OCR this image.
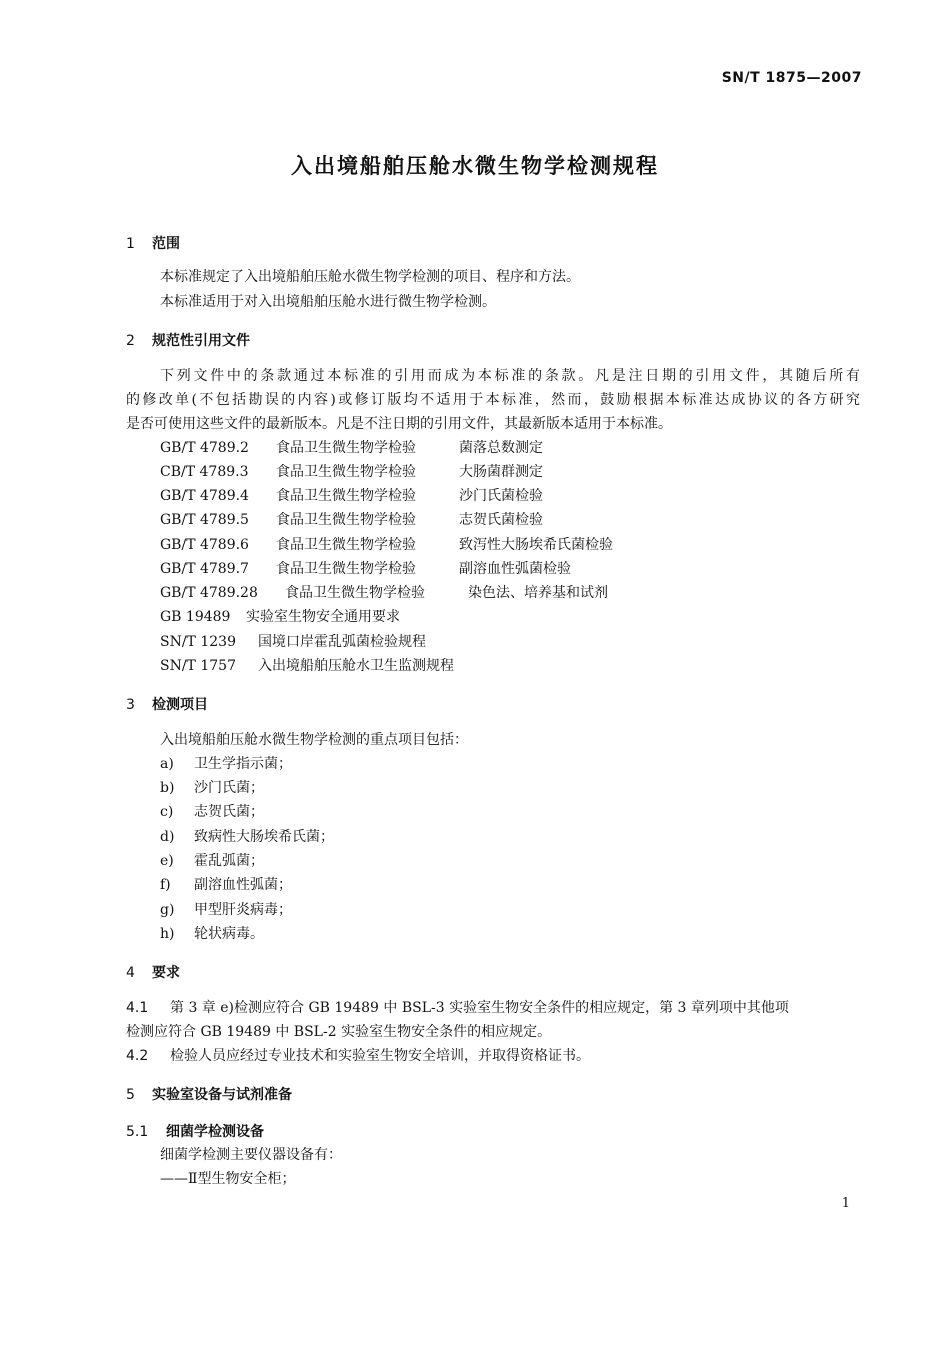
SN/T 1875—2007
入出境船舶压舱水微生物学检测规程
1 范围
本标准规定了入出境船舶压舱水微生物学检测的项目、程序和方法。
本标准适用于对入出境船舶压舱水进行微生物学检测。
2 规范性引用文件
下列文件中的条款通过本标准的引用而成为本标准的条款。凡是注日期的引用文件，其随后所有
的修改单(不包括勘误的内容)或修订版均不适用于本标准，然而，鼓励根据本标准达成协议的各方研究
是否可使用这些文件的最新版本。凡是不注日期的引用文件，其最新版本适用于本标准。
GB/T 4789.2 食品卫生微生物学检验	菌落总数测定
CB/T 4789.3 食品卫生微生物学检验	大肠菌群测定
GB/T 4789.4 食品卫生微生物学检验	沙门氏菌检验
GB/T 4789.5 食品卫生微生物学检验	志贺氏菌检验
GB/T 4789.6 食品卫生微生物学检验	致泻性大肠埃希氏菌检验
GB/T 4789.7 食品卫生微生物学检验	副溶血性弧菌检验
GB/T 4789.28 食品卫生微生物学检验	染色法、培养基和试剂
GB 19489 实验室生物安全通用要求
SN/T 1239 国境口岸霍乱弧菌检验规程
SN/T 1757 入出境船舶压舱水卫生监测规程
3 检测项目
入出境船舶压舱水微生物学检测的重点项目包括：
a) 卫生学指示菌；
b) 沙门氏菌；
c) 志贺氏菌；
d) 致病性大肠埃希氏菌；
e) 霍乱弧菌；
f) 副溶血性弧菌；
g) 甲型肝炎病毒；
h) 轮状病毒。
4 要求
4.1 第 3 章 e)检测应符合 GB 19489 中 BSL-3 实验室生物安全条件的相应规定，第 3 章列项中其他项
检测应符合 GB 19489 中 BSL-2 实验室生物安全条件的相应规定。
4.2 检验人员应经过专业技术和实验室生物安全培训，并取得资格证书。
5 实验室设备与试剂准备
5.1 细菌学检测设备
细菌学检测主要仪器设备有：
——Ⅱ型生物安全柜；
1
